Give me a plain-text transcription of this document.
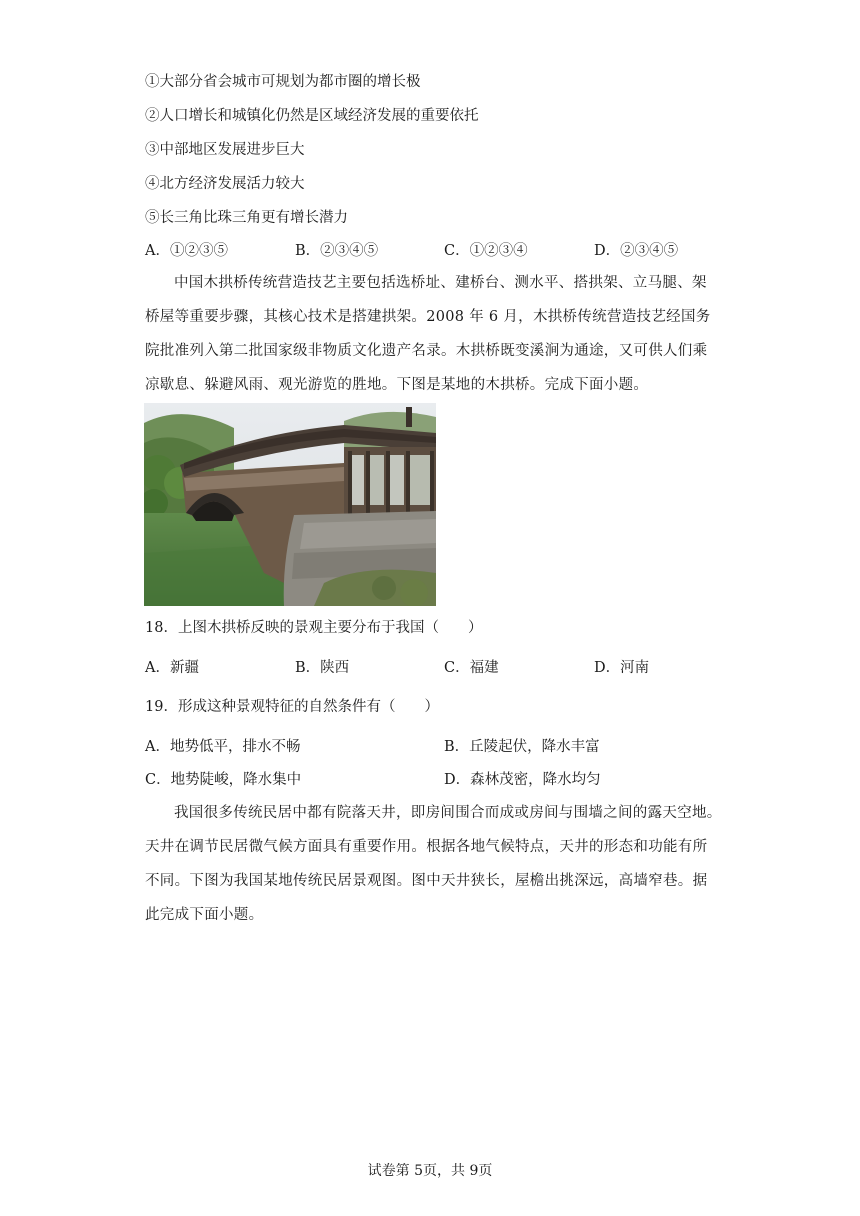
①大部分省会城市可规划为都市圈的增长极
②人口增长和城镇化仍然是区域经济发展的重要依托
③中部地区发展进步巨大
④北方经济发展活力较大
⑤长三角比珠三角更有增长潜力
A．①②③⑤	B．②③④⑤	C．①②③④	D．②③④⑤
中国木拱桥传统营造技艺主要包括选桥址、建桥台、测水平、搭拱架、立马腿、架
桥屋等重要步骤，其核心技术是搭建拱架。2008 年 6 月，木拱桥传统营造技艺经国务
院批准列入第二批国家级非物质文化遗产名录。木拱桥既变溪涧为通途，又可供人们乘
凉歇息、躲避风雨、观光游览的胜地。下图是某地的木拱桥。完成下面小题。
18．上图木拱桥反映的景观主要分布于我国（　　）
A．新疆	B．陕西	C．福建	D．河南
19．形成这种景观特征的自然条件有（　　）
A．地势低平，排水不畅	B．丘陵起伏，降水丰富
C．地势陡峻，降水集中	D．森林茂密，降水均匀
我国很多传统民居中都有院落天井，即房间围合而成或房间与围墙之间的露天空地。
天井在调节民居微气候方面具有重要作用。根据各地气候特点，天井的形态和功能有所
不同。下图为我国某地传统民居景观图。图中天井狭长，屋檐出挑深远，高墙窄巷。据
此完成下面小题。
试卷第 5页，共 9页
